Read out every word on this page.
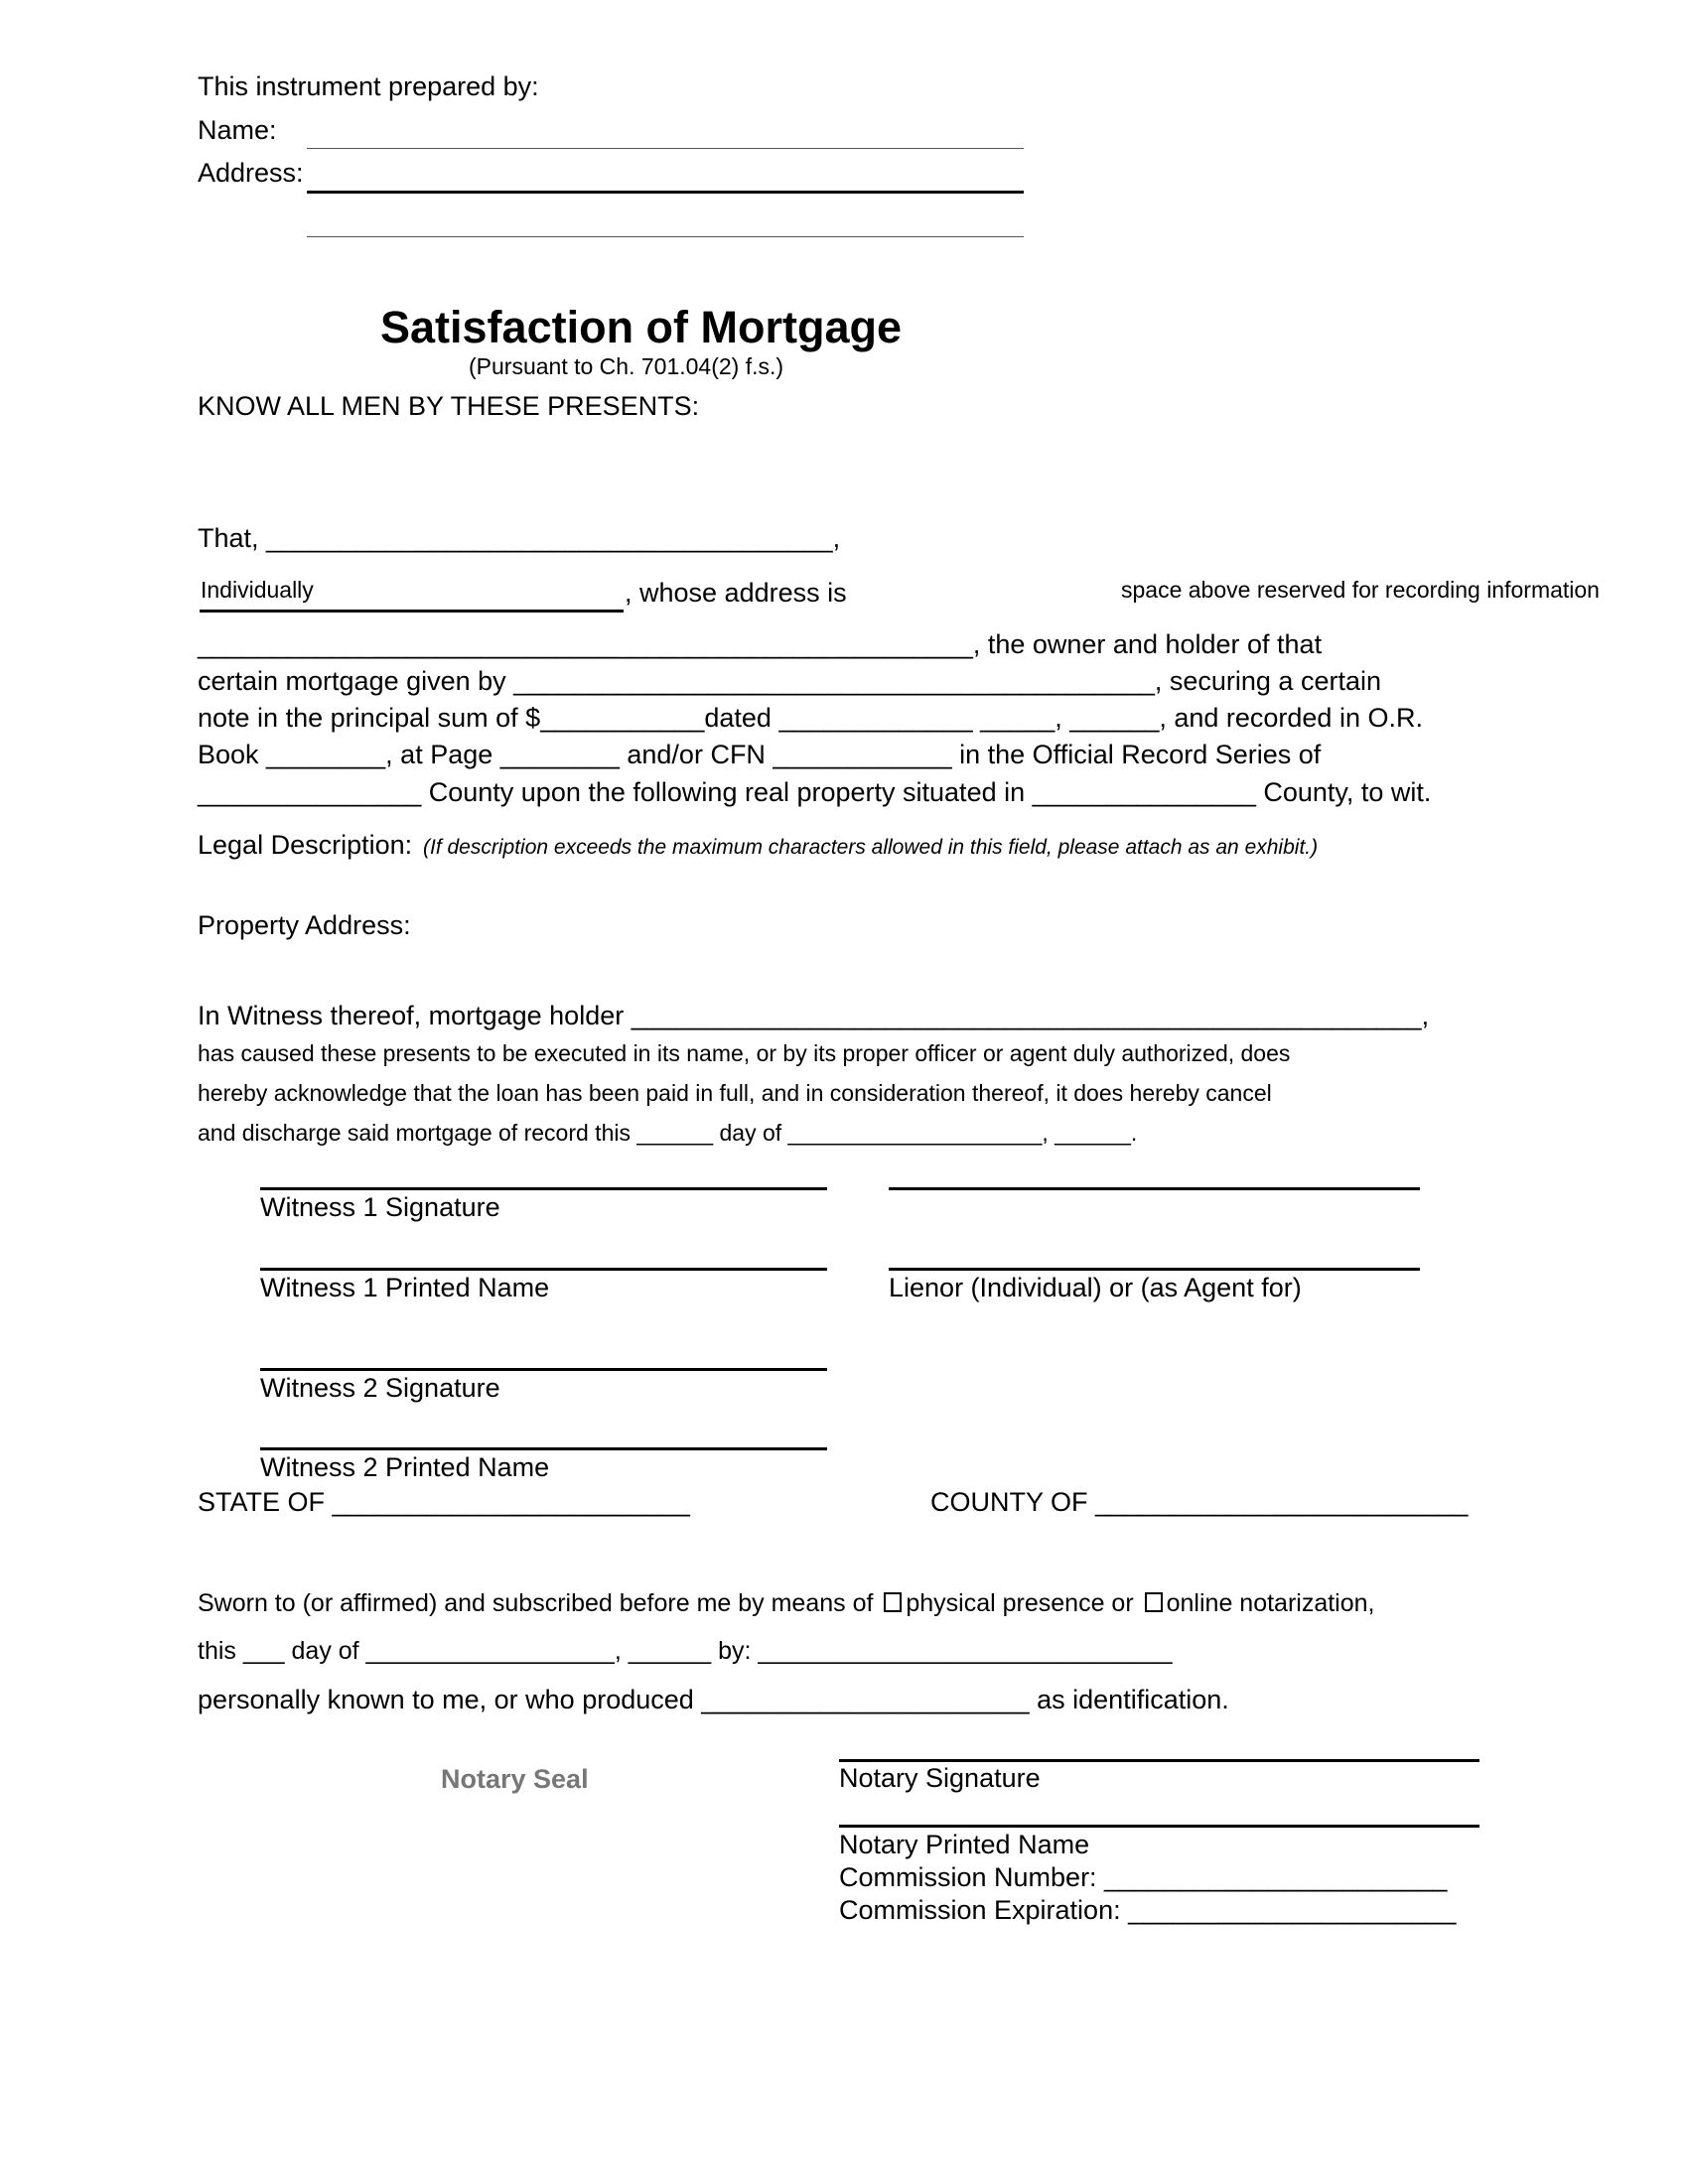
This instrument prepared by:
Name:
Address:
Satisfaction of Mortgage
(Pursuant to Ch. 701.04(2) f.s.)
KNOW ALL MEN BY THESE PRESENTS:
That, ______________________________________,
Individually	, whose address is	space above reserved for recording information
____________________________________________________, the owner and holder of that
certain mortgage given by ___________________________________________, securing a certain
note in the principal sum of $___________dated _____________ _____, ______, and recorded in O.R.
Book ________, at Page ________ and/or CFN ____________ in the Official Record Series of
_______________ County upon the following real property situated in _______________ County, to wit.
Legal Description: (If description exceeds the maximum characters allowed in this field, please attach as an exhibit.)
Property Address:
In Witness thereof, mortgage holder _____________________________________________________,
has caused these presents to be executed in its name, or by its proper officer or agent duly authorized, does
hereby acknowledge that the loan has been paid in full, and in consideration thereof, it does hereby cancel
and discharge said mortgage of record this ______ day of ____________________, ______.
Witness 1 Signature
Witness 1 Printed Name	Lienor (Individual) or (as Agent for)
Witness 2 Signature
Witness 2 Printed Name
STATE OF ________________________	COUNTY OF _________________________
Sworn to (or affirmed) and subscribed before me by means of physical presence or online notarization,
this ___ day of __________________, ______ by: ______________________________
personally known to me, or who produced ______________________ as identification.
Notary Seal	Notary Signature
Notary Printed Name
Commission Number: _______________________
Commission Expiration: ______________________
